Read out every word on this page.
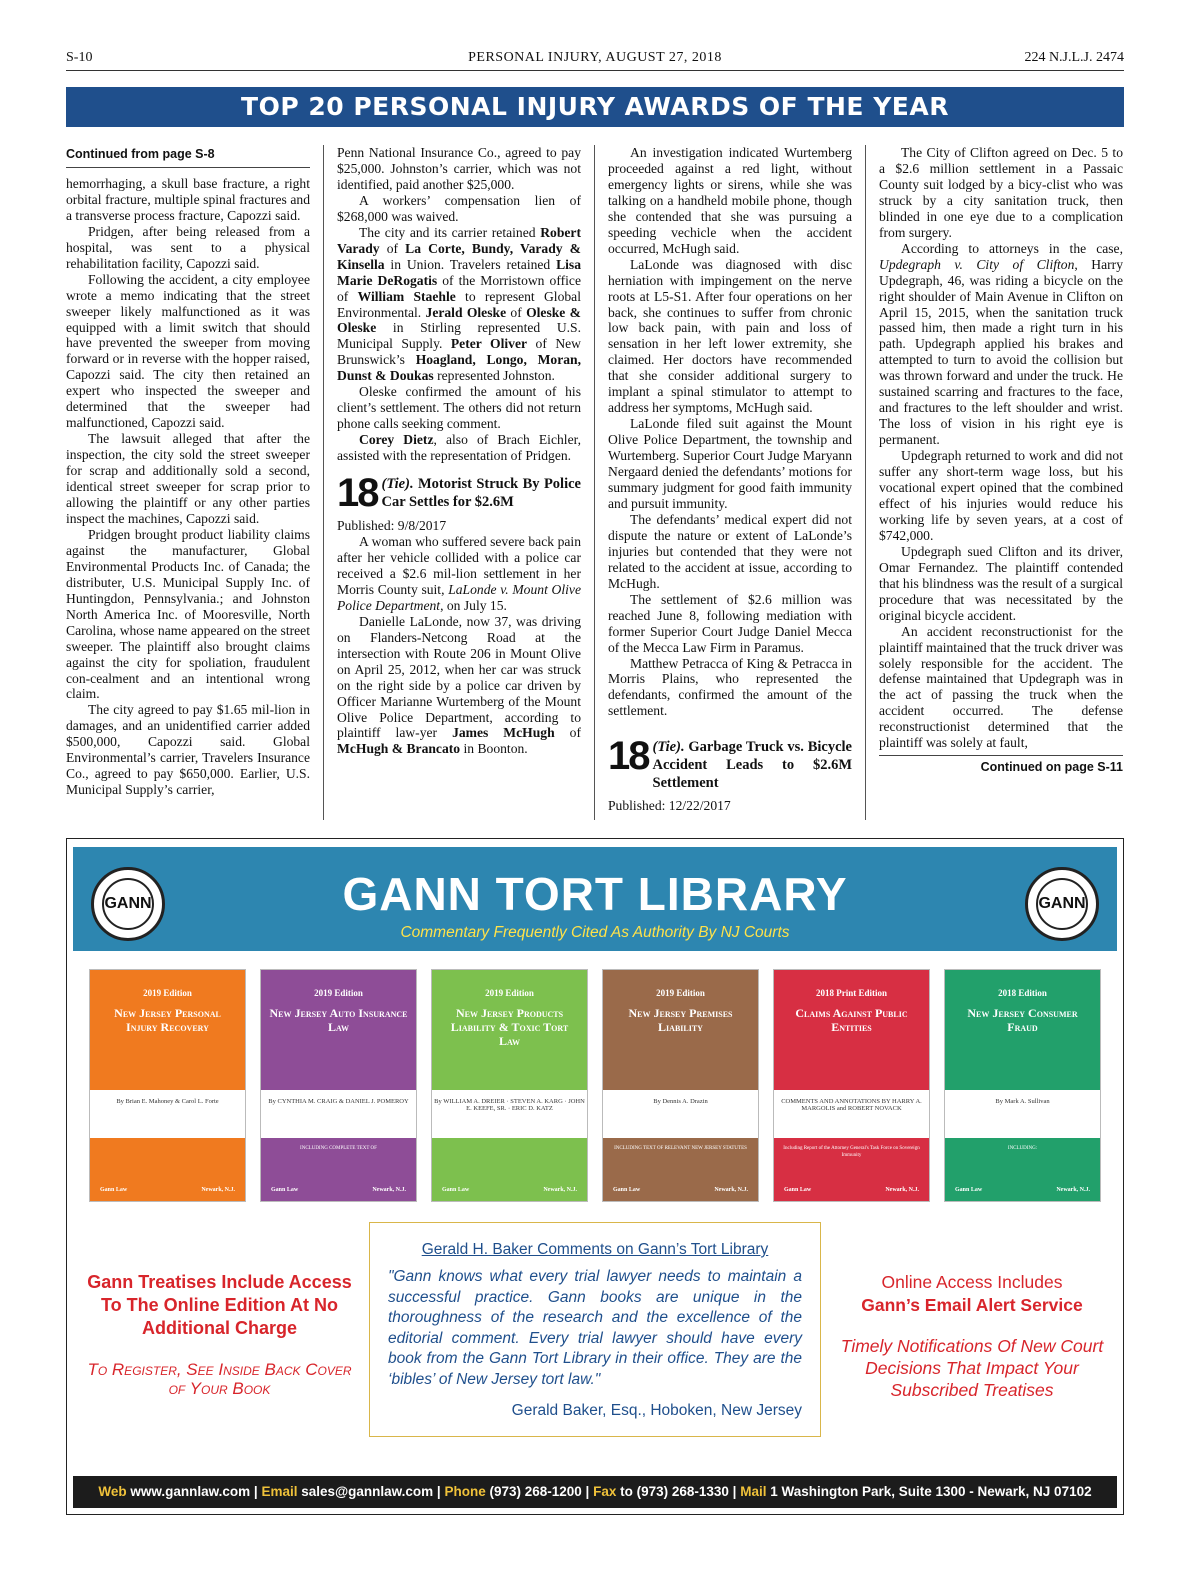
S-10	PERSONAL INJURY, AUGUST 27, 2018	224 N.J.L.J. 2474
TOP 20 PERSONAL INJURY AWARDS OF THE YEAR
Continued from page S-8

hemorrhaging, a skull base fracture, a right orbital fracture, multiple spinal fractures and a transverse process fracture, Capozzi said.

Pridgen, after being released from a hospital, was sent to a physical rehabilitation facility, Capozzi said.

Following the accident, a city employee wrote a memo indicating that the street sweeper likely malfunctioned as it was equipped with a limit switch that should have prevented the sweeper from moving forward or in reverse with the hopper raised, Capozzi said. The city then retained an expert who inspected the sweeper and determined that the sweeper had malfunctioned, Capozzi said.

The lawsuit alleged that after the inspection, the city sold the street sweeper for scrap and additionally sold a second, identical street sweeper for scrap prior to allowing the plaintiff or any other parties inspect the machines, Capozzi said.

Pridgen brought product liability claims against the manufacturer, Global Environmental Products Inc. of Canada; the distributer, U.S. Municipal Supply Inc. of Huntingdon, Pennsylvania.; and Johnston North America Inc. of Mooresville, North Carolina, whose name appeared on the street sweeper. The plaintiff also brought claims against the city for spoliation, fraudulent con-cealment and an intentional wrong claim.

The city agreed to pay $1.65 mil-lion in damages, and an unidentified carrier added $500,000, Capozzi said. Global Environmental’s carrier, Travelers Insurance Co., agreed to pay $650,000. Earlier, U.S. Municipal Supply’s carrier,

Penn National Insurance Co., agreed to pay $25,000. Johnston’s carrier, which was not identified, paid another $25,000.

A workers’ compensation lien of $268,000 was waived.

The city and its carrier retained Robert Varady of La Corte, Bundy, Varady & Kinsella in Union. Travelers retained Lisa Marie DeRogatis of the Morristown office of William Staehle to represent Global Environmental. Jerald Oleske of Oleske & Oleske in Stirling represented U.S. Municipal Supply. Peter Oliver of New Brunswick’s Hoagland, Longo, Moran, Dunst & Doukas represented Johnston.

Oleske confirmed the amount of his client’s settlement. The others did not return phone calls seeking comment.

Corey Dietz, also of Brach Eichler, assisted with the representation of Pridgen.

18 (Tie). Motorist Struck By Police Car Settles for $2.6M

Published: 9/8/2017

A woman who suffered severe back pain after her vehicle collided with a police car received a $2.6 mil-lion settlement in her Morris County suit, LaLonde v. Mount Olive Police Department, on July 15.

Danielle LaLonde, now 37, was driving on Flanders-Netcong Road at the intersection with Route 206 in Mount Olive on April 25, 2012, when her car was struck on the right side by a police car driven by Officer Marianne Wurtemberg of the Mount Olive Police Department, according to plaintiff law-yer James McHugh of McHugh & Brancato in Boonton.

An investigation indicated Wurtemberg proceeded against a red light, without emergency lights or sirens, while she was talking on a handheld mobile phone, though she contended that she was pursuing a speeding vechicle when the accident occurred, McHugh said.

LaLonde was diagnosed with disc herniation with impingement on the nerve roots at L5-S1. After four operations on her back, she continues to suffer from chronic low back pain, with pain and loss of sensation in her left lower extremity, she claimed. Her doctors have recommended that she consider additional surgery to implant a spinal stimulator to attempt to address her symptoms, McHugh said.

LaLonde filed suit against the Mount Olive Police Department, the township and Wurtemberg. Superior Court Judge Maryann Nergaard denied the defendants’ motions for summary judgment for good faith immunity and pursuit immunity.

The defendants’ medical expert did not dispute the nature or extent of LaLonde’s injuries but contended that they were not related to the accident at issue, according to McHugh.

The settlement of $2.6 million was reached June 8, following mediation with former Superior Court Judge Daniel Mecca of the Mecca Law Firm in Paramus.

Matthew Petracca of King & Petracca in Morris Plains, who represented the defendants, confirmed the amount of the settlement.

18 (Tie). Garbage Truck vs. Bicycle Accident Leads to $2.6M Settlement

Published: 12/22/2017

The City of Clifton agreed on Dec. 5 to a $2.6 million settlement in a Passaic County suit lodged by a bicy-clist who was struck by a city sanitation truck, then blinded in one eye due to a complication from surgery.

According to attorneys in the case, Updegraph v. City of Clifton, Harry Updegraph, 46, was riding a bicycle on the right shoulder of Main Avenue in Clifton on April 15, 2015, when the sanitation truck passed him, then made a right turn in his path. Updegraph applied his brakes and attempted to turn to avoid the collision but was thrown forward and under the truck. He sustained scarring and fractures to the face, and fractures to the left shoulder and wrist. The loss of vision in his right eye is permanent.

Updegraph returned to work and did not suffer any short-term wage loss, but his vocational expert opined that the combined effect of his injuries would reduce his working life by seven years, at a cost of $742,000.

Updegraph sued Clifton and its driver, Omar Fernandez. The plaintiff contended that his blindness was the result of a surgical procedure that was necessitated by the original bicycle accident.

An accident reconstructionist for the plaintiff maintained that the truck driver was solely responsible for the accident. The defense maintained that Updegraph was in the act of passing the truck when the accident occurred. The defense reconstructionist determined that the plaintiff was solely at fault,

Continued on page S-11
GANN	GANN TORT LIBRARY
Commentary Frequently Cited As Authority By NJ Courts
GANN
2019 Edition
New Jersey Personal Injury Recovery
By Brian E. Mahoney & Carol L. Forte
Gann Law	Newark, N.J.
2019 Edition
New Jersey Auto Insurance Law
By CYNTHIA M. CRAIG & DANIEL J. POMEROY
INCLUDING COMPLETE TEXT OF
Gann Law	Newark, N.J.
2019 Edition
New Jersey Products Liability & Toxic Tort Law
By WILLIAM A. DREIER · STEVEN A. KARG · JOHN E. KEEFE, SR. · ERIC D. KATZ
Gann Law	Newark, N.J.
2019 Edition
New Jersey Premises Liability
By Dennis A. Drazin
INCLUDING TEXT OF RELEVANT NEW JERSEY STATUTES
Gann Law	Newark, N.J.
2018 Print Edition
Claims Against Public Entities
COMMENTS AND ANNOTATIONS BY HARRY A. MARGOLIS and ROBERT NOVACK
Including Report of the Attorney General's Task Force on Sovereign Immunity
Gann Law	Newark, N.J.
2018 Edition
New Jersey Consumer Fraud
By Mark A. Sullivan
INCLUDING:
Gann Law	Newark, N.J.
Gann Treatises Include Access To The Online Edition At No Additional Charge
To Register, See Inside Back Cover of Your Book
Gerald H. Baker Comments on Gann’s Tort Library
"Gann knows what every trial lawyer needs to maintain a successful practice. Gann books are unique in the thoroughness of the research and the excellence of the editorial comment. Every trial lawyer should have every book from the Gann Tort Library in their office. They are the ‘bibles’ of New Jersey tort law."
Gerald Baker, Esq., Hoboken, New Jersey
Online Access Includes
Gann’s Email Alert Service
Timely Notifications Of New Court Decisions That Impact Your Subscribed Treatises
Web www.gannlaw.com | Email sales@gannlaw.com | Phone (973) 268-1200 | Fax to (973) 268-1330 | Mail 1 Washington Park, Suite 1300 - Newark, NJ 07102
